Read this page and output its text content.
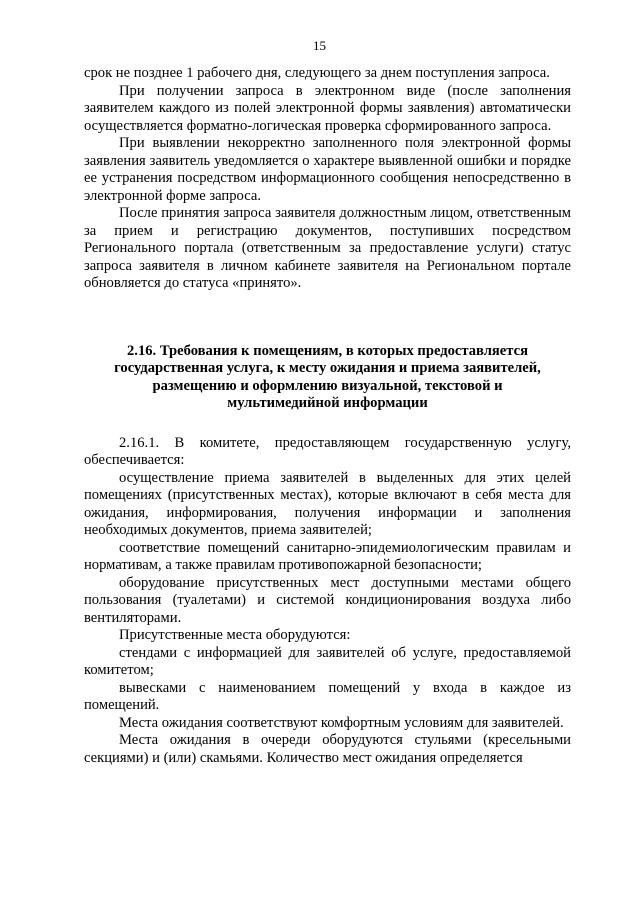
15

срок не позднее 1 рабочего дня, следующего за днем поступления запроса.

При получении запроса в электронном виде (после заполнения заявителем каждого из полей электронной формы заявления) автоматически осуществляется форматно-логическая проверка сформированного запроса.

При выявлении некорректно заполненного поля электронной формы заявления заявитель уведомляется о характере выявленной ошибки и порядке ее устранения посредством информационного сообщения непосредственно в электронной форме запроса.

После принятия запроса заявителя должностным лицом, ответственным за прием и регистрацию документов, поступивших посредством Регионального портала (ответственным за предоставление услуги) статус запроса заявителя в личном кабинете заявителя на Региональном портале обновляется до статуса «принято».

2.16. Требования к помещениям, в которых предоставляется
государственная услуга, к месту ожидания и приема заявителей,
размещению и оформлению визуальной, текстовой и
мультимедийной информации

2.16.1. В комитете, предоставляющем государственную услугу, обеспечивается:

осуществление приема заявителей в выделенных для этих целей помещениях (присутственных местах), которые включают в себя места для ожидания, информирования, получения информации и заполнения необходимых документов, приема заявителей;

соответствие помещений санитарно-эпидемиологическим правилам и нормативам, а также правилам противопожарной безопасности;

оборудование присутственных мест доступными местами общего пользования (туалетами) и системой кондиционирования воздуха либо вентиляторами.

Присутственные места оборудуются:

стендами с информацией для заявителей об услуге, предоставляемой комитетом;

вывесками с наименованием помещений у входа в каждое из помещений.

Места ожидания соответствуют комфортным условиям для заявителей.

Места ожидания в очереди оборудуются стульями (кресельными секциями) и (или) скамьями. Количество мест ожидания определяется
